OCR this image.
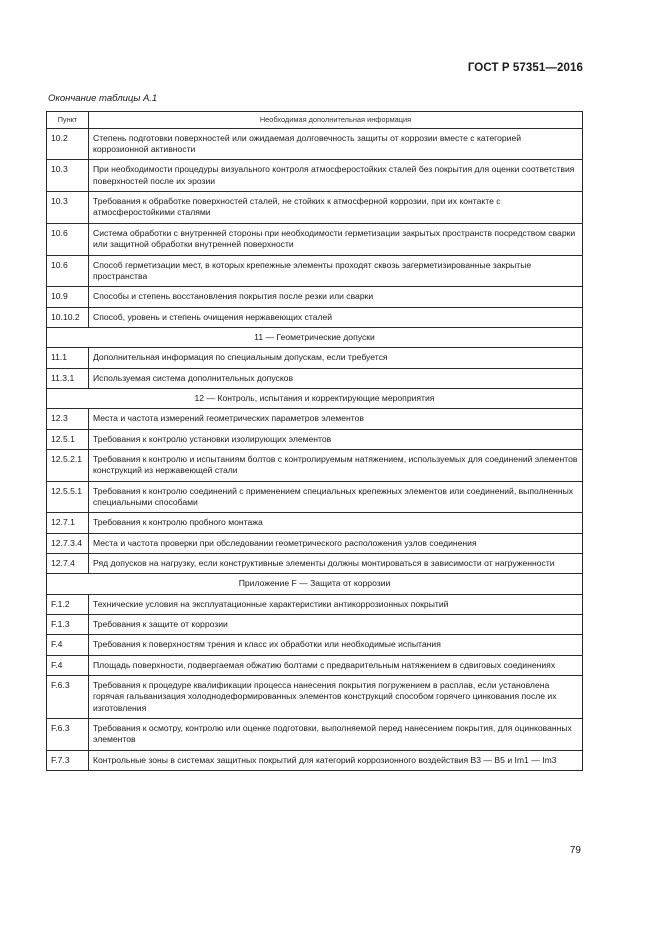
ГОСТ Р 57351—2016
Окончание таблицы А.1
Пункт	Необходимая дополнительная информация
10.2	Степень подготовки поверхностей или ожидаемая долговечность защиты от коррозии вместе с категорией коррозионной активности
10.3	При необходимости процедуры визуального контроля атмосферостойких сталей без покрытия для оценки соответствия поверхностей после их эрозии
10.3	Требования к обработке поверхностей сталей, не стойких к атмосферной коррозии, при их контакте с атмосферостойкими сталями
10.6	Система обработки с внутренней стороны при необходимости герметизации закрытых пространств посредством сварки или защитной обработки внутренней поверхности
10.6	Способ герметизации мест, в которых крепежные элементы проходят сквозь загерметизированные закрытые пространства
10.9	Способы и степень восстановления покрытия после резки или сварки
10.10.2	Способ, уровень и степень очищения нержавеющих сталей
11 — Геометрические допуски	
11.1	Дополнительная информация по специальным допускам, если требуется
11.3.1	Используемая система дополнительных допусков
12 — Контроль, испытания и корректирующие мероприятия	
12.3	Места и частота измерений геометрических параметров элементов
12.5.1	Требования к контролю установки изолирующих элементов
12.5.2.1	Требования к контролю и испытаниям болтов с контролируемым натяжением, используемых для соединений элементов конструкций из нержавеющей стали
12.5.5.1	Требования к контролю соединений с применением специальных крепежных элементов или соединений, выполненных специальными способами
12.7.1	Требования к контролю пробного монтажа
12.7.3.4	Места и частота проверки при обследовании геометрического расположения узлов соединения
12.7.4	Ряд допусков на нагрузку, если конструктивные элементы должны монтироваться в зависимости от нагруженности
Приложение F — Защита от коррозии	
F.1.2	Технические условия на эксплуатационные характеристики антикоррозионных покрытий
F.1.3	Требования к защите от коррозии
F.4	Требования к поверхностям трения и класс их обработки или необходимые испытания
F.4	Площадь поверхности, подвергаемая обжатию болтами с предварительным натяжением в сдвиговых соединениях
F.6.3	Требования к процедуре квалификации процесса нанесения покрытия погружением в расплав, если установлена горячая гальванизация холоднодеформированных элементов конструкций способом горячего цинкования после их изготовления
F.6.3	Требования к осмотру, контролю или оценке подготовки, выполняемой перед нанесением покрытия, для оцинкованных элементов
F.7.3	Контрольные зоны в системах защитных покрытий для категорий коррозионного воздействия В3 — В5 и Im1 — Im3
79
